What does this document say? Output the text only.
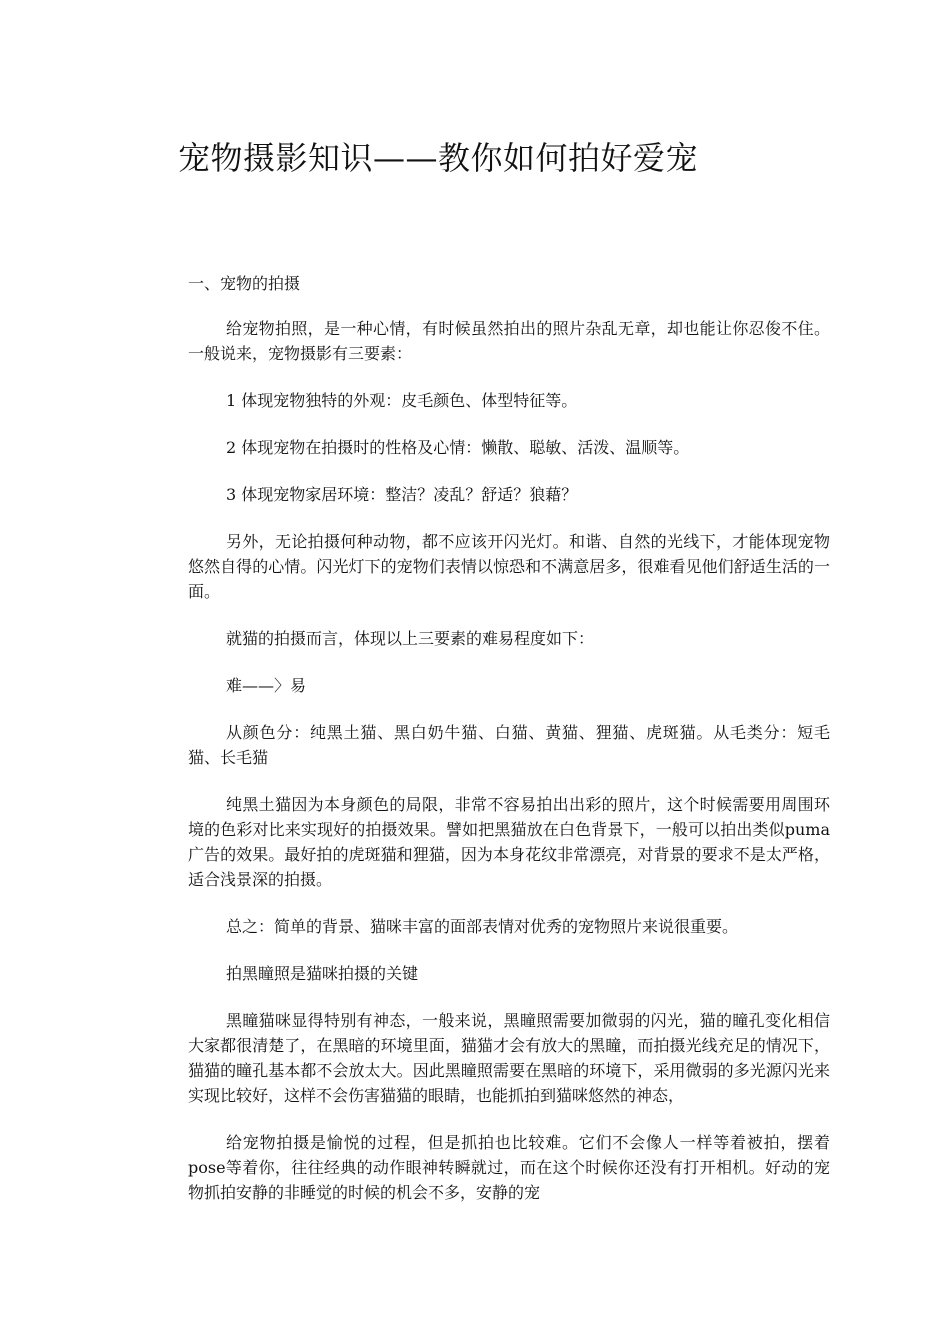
宠物摄影知识——教你如何拍好爱宠

一、宠物的拍摄

给宠物拍照，是一种心情，有时候虽然拍出的照片杂乱无章，却也能让你忍俊不住。一般说来，宠物摄影有三要素：

1 体现宠物独特的外观：皮毛颜色、体型特征等。

2 体现宠物在拍摄时的性格及心情：懒散、聪敏、活泼、温顺等。

3 体现宠物家居环境：整洁？凌乱？舒适？狼藉？

另外，无论拍摄何种动物，都不应该开闪光灯。和谐、自然的光线下，才能体现宠物悠然自得的心情。闪光灯下的宠物们表情以惊恐和不满意居多，很难看见他们舒适生活的一面。

就猫的拍摄而言，体现以上三要素的难易程度如下：

难——〉易

从颜色分：纯黑土猫、黑白奶牛猫、白猫、黄猫、狸猫、虎斑猫。从毛类分：短毛猫、长毛猫

纯黑土猫因为本身颜色的局限，非常不容易拍出出彩的照片，这个时候需要用周围环境的色彩对比来实现好的拍摄效果。譬如把黑猫放在白色背景下，一般可以拍出类似puma广告的效果。最好拍的虎斑猫和狸猫，因为本身花纹非常漂亮，对背景的要求不是太严格，适合浅景深的拍摄。

总之：简单的背景、猫咪丰富的面部表情对优秀的宠物照片来说很重要。

拍黑瞳照是猫咪拍摄的关键

黑瞳猫咪显得特别有神态，一般来说，黑瞳照需要加微弱的闪光，猫的瞳孔变化相信大家都很清楚了，在黑暗的环境里面，猫猫才会有放大的黑瞳，而拍摄光线充足的情况下，猫猫的瞳孔基本都不会放太大。因此黑瞳照需要在黑暗的环境下，采用微弱的多光源闪光来实现比较好，这样不会伤害猫猫的眼睛，也能抓拍到猫咪悠然的神态，

给宠物拍摄是愉悦的过程，但是抓拍也比较难。它们不会像人一样等着被拍，摆着pose等着你，往往经典的动作眼神转瞬就过，而在这个时候你还没有打开相机。好动的宠物抓拍安静的非睡觉的时候的机会不多，安静的宠
